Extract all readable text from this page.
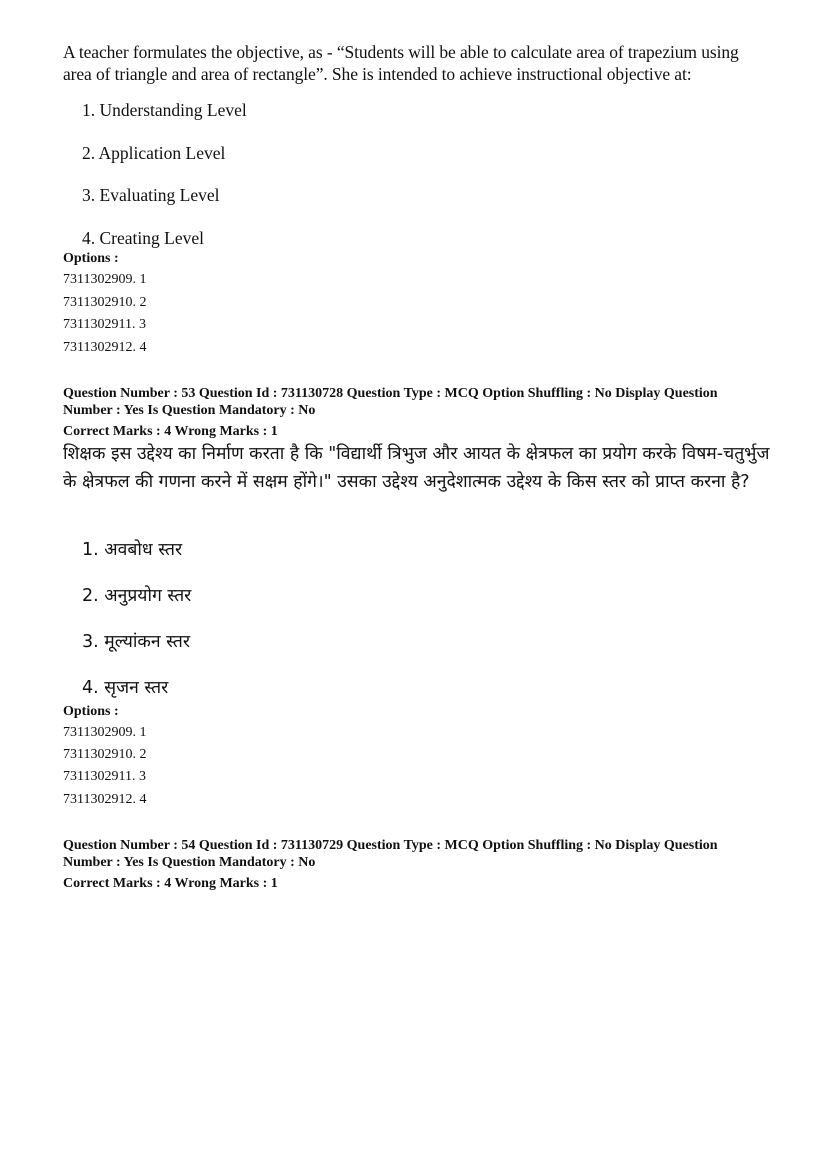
A teacher formulates the objective, as - “Students will be able to calculate area of trapezium using
area of triangle and area of rectangle”. She is intended to achieve instructional objective at:
1. Understanding Level
2. Application Level
3. Evaluating Level
4. Creating Level
Options :
7311302909. 1
7311302910. 2
7311302911. 3
7311302912. 4
Question Number : 53 Question Id : 731130728 Question Type : MCQ Option Shuffling : No Display Question
Number : Yes Is Question Mandatory : No
Correct Marks : 4 Wrong Marks : 1
शिक्षक इस उद्देश्य का निर्माण करता है कि "विद्यार्थी त्रिभुज और आयत के क्षेत्रफल का प्रयोग करके विषम-चतुर्भुज के क्षेत्रफल की गणना करने में सक्षम होंगे।" उसका उद्देश्य अनुदेशात्मक उद्देश्य के किस स्तर को प्राप्त करना है?
1. अवबोध स्तर
2. अनुप्रयोग स्तर
3. मूल्यांकन स्तर
4. सृजन स्तर
Options :
7311302909. 1
7311302910. 2
7311302911. 3
7311302912. 4
Question Number : 54 Question Id : 731130729 Question Type : MCQ Option Shuffling : No Display Question
Number : Yes Is Question Mandatory : No
Correct Marks : 4 Wrong Marks : 1
